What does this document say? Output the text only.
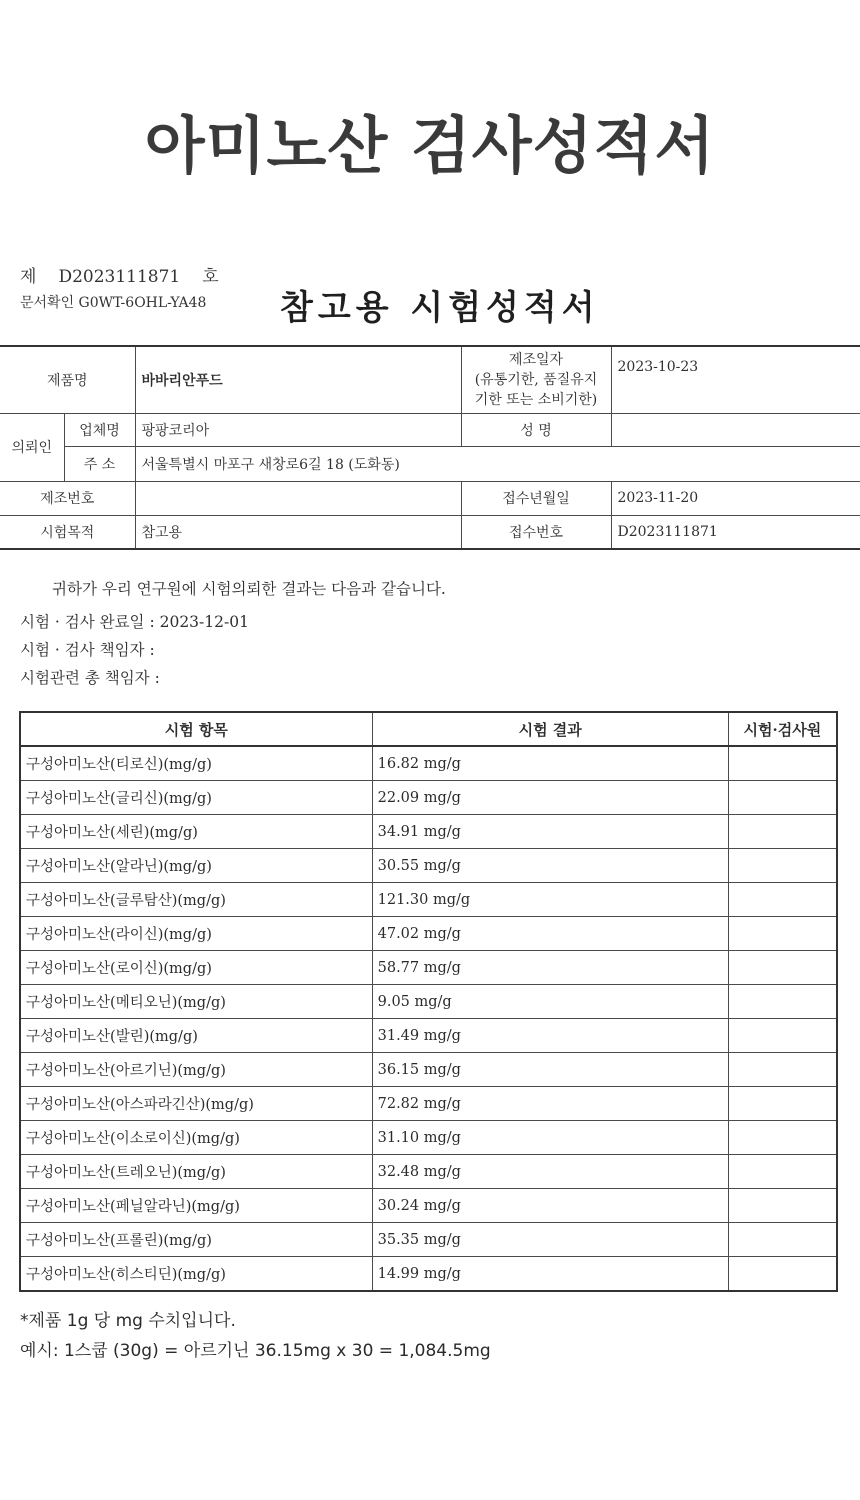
아미노산 검사성적서
제 D2023111871 호
문서확인 G0WT-6OHL-YA48 참고용 시험성적서
제품명		바바리안푸드	제조일자
(유통기한, 품질유지
기한 또는 소비기한)	2023-10-23
의뢰인	업체명	팡팡코리아	성 명	
	주 소	서울특별시 마포구 새창로6길 18 (도화동)		
제조번호			접수년월일	2023-11-20
시험목적		참고용	접수번호	D2023111871
귀하가 우리 연구원에 시험의뢰한 결과는 다음과 같습니다.
시험 · 검사 완료일 : 2023-12-01
시험 · 검사 책임자 :
시험관련 총 책임자 :
시험 항목	시험 결과	시험·검사원
구성아미노산(티로신)(mg/g)	16.82 mg/g	
구성아미노산(글리신)(mg/g)	22.09 mg/g	
구성아미노산(세린)(mg/g)	34.91 mg/g	
구성아미노산(알라닌)(mg/g)	30.55 mg/g	
구성아미노산(글루탐산)(mg/g)	121.30 mg/g	
구성아미노산(라이신)(mg/g)	47.02 mg/g	
구성아미노산(로이신)(mg/g)	58.77 mg/g	
구성아미노산(메티오닌)(mg/g)	9.05 mg/g	
구성아미노산(발린)(mg/g)	31.49 mg/g	
구성아미노산(아르기닌)(mg/g)	36.15 mg/g	
구성아미노산(아스파라긴산)(mg/g)	72.82 mg/g	
구성아미노산(이소로이신)(mg/g)	31.10 mg/g	
구성아미노산(트레오닌)(mg/g)	32.48 mg/g	
구성아미노산(페닐알라닌)(mg/g)	30.24 mg/g	
구성아미노산(프롤린)(mg/g)	35.35 mg/g	
구성아미노산(히스티딘)(mg/g)	14.99 mg/g	
*제품 1g 당 mg 수치입니다.
예시: 1스쿱 (30g) = 아르기닌 36.15mg x 30 = 1,084.5mg
